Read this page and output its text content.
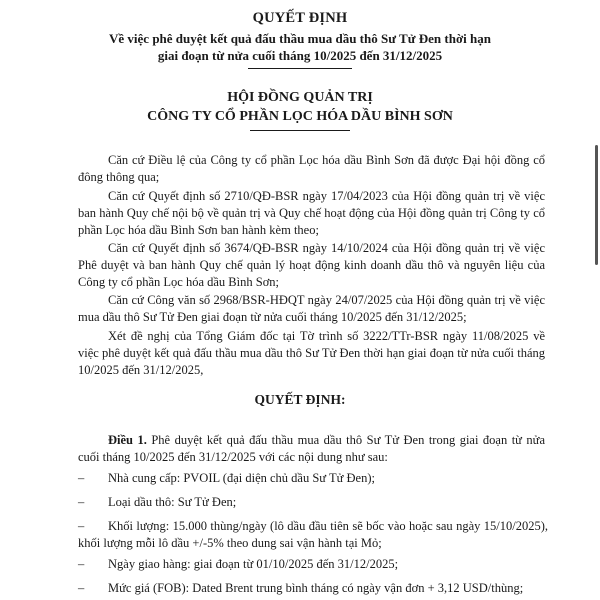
QUYẾT ĐỊNH
Về việc phê duyệt kết quả đấu thầu mua dầu thô Sư Tử Đen thời hạn
giai đoạn từ nửa cuối tháng 10/2025 đến 31/12/2025
HỘI ĐỒNG QUẢN TRỊ
CÔNG TY CỔ PHẦN LỌC HÓA DẦU BÌNH SƠN
Căn cứ Điều lệ của Công ty cổ phần Lọc hóa dầu Bình Sơn đã được Đại hội đồng cổ đông thông qua;
Căn cứ Quyết định số 2710/QĐ-BSR ngày 17/04/2023 của Hội đồng quản trị về việc ban hành Quy chế nội bộ về quản trị và Quy chế hoạt động của Hội đồng quản trị Công ty cổ phần Lọc hóa dầu Bình Sơn ban hành kèm theo;
Căn cứ Quyết định số 3674/QĐ-BSR ngày 14/10/2024 của Hội đồng quản trị về việc Phê duyệt và ban hành Quy chế quản lý hoạt động kinh doanh dầu thô và nguyên liệu của Công ty cổ phần Lọc hóa dầu Bình Sơn;
Căn cứ Công văn số 2968/BSR-HĐQT ngày 24/07/2025 của Hội đồng quản trị về việc mua dầu thô Sư Tử Đen giai đoạn từ nửa cuối tháng 10/2025 đến 31/12/2025;
Xét đề nghị của Tổng Giám đốc tại Tờ trình số 3222/TTr-BSR ngày 11/08/2025 về việc phê duyệt kết quả đấu thầu mua dầu thô Sư Tử Đen thời hạn giai đoạn từ nửa cuối tháng 10/2025 đến 31/12/2025,
QUYẾT ĐỊNH:
Điều 1. Phê duyệt kết quả đấu thầu mua dầu thô Sư Tử Đen trong giai đoạn từ nửa cuối tháng 10/2025 đến 31/12/2025 với các nội dung như sau:
– Nhà cung cấp: PVOIL (đại diện chủ dầu Sư Tử Đen);
– Loại dầu thô: Sư Tử Đen;
– Khối lượng: 15.000 thùng/ngày (lô dầu đầu tiên sẽ bốc vào hoặc sau ngày 15/10/2025), khối lượng mỗi lô dầu +/-5% theo dung sai vận hành tại Mỏ;
– Ngày giao hàng: giai đoạn từ 01/10/2025 đến 31/12/2025;
– Mức giá (FOB): Dated Brent trung bình tháng có ngày vận đơn + 3,12 USD/thùng;
